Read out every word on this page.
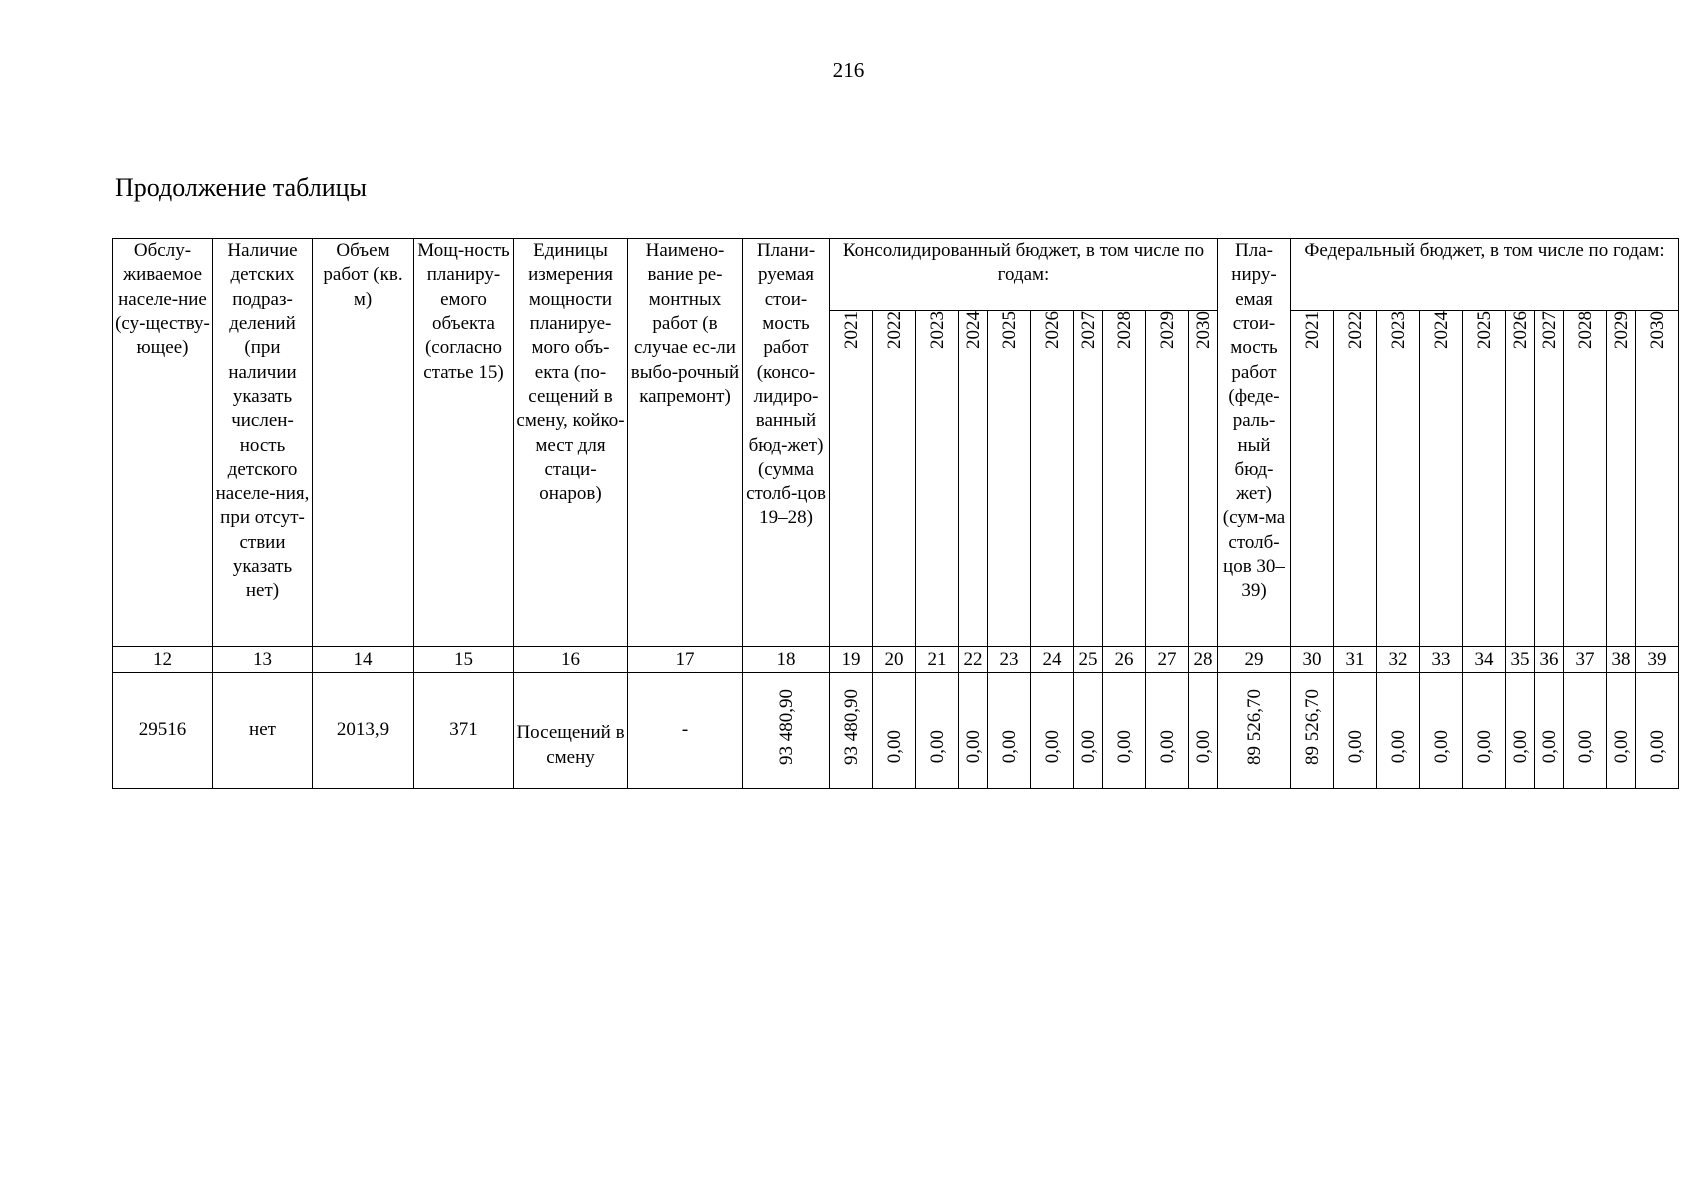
216
Продолжение таблицы
Обслу-живаемое населе-ние (су-ществу-ющее)	Наличие детских подраз-делений (при наличии указать числен-ность детского населе-ния, при отсут-ствии указать нет)	Объем работ (кв. м)	Мощ-ность планиру-емого объекта (согласно статье 15)	Единицы измерения мощности планируе-мого объ-екта (по-сещений в смену, койко-мест для стаци-онаров)	Наимено-вание ре-монтных работ (в случае ес-ли выбо-рочный капремонт)	Плани-руемая стои-мость работ (консо-лидиро-ванный бюд-жет) (сумма столб-цов 19–28)	Консолидированный бюджет, в том числе по годам:										Пла-ниру-емая стои-мость работ (феде-раль-ный бюд-жет) (сум-ма столб-цов 30–39)	Федеральный бюджет, в том числе по годам:									
							2021	2022	2023	2024	2025	2026	2027	2028	2029	2030		2021	2022	2023	2024	2025	2026	2027	2028	2029	2030
12	13	14	15	16	17	18	19	20	21	22	23	24	25	26	27	28	29	30	31	32	33	34	35	36	37	38	39
29516	нет	2013,9	371	Посещений в смену	-	93 480,90	93 480,90	0,00	0,00	0,00	0,00	0,00	0,00	0,00	0,00	0,00	89 526,70	89 526,70	0,00	0,00	0,00	0,00	0,00	0,00	0,00	0,00	0,00
